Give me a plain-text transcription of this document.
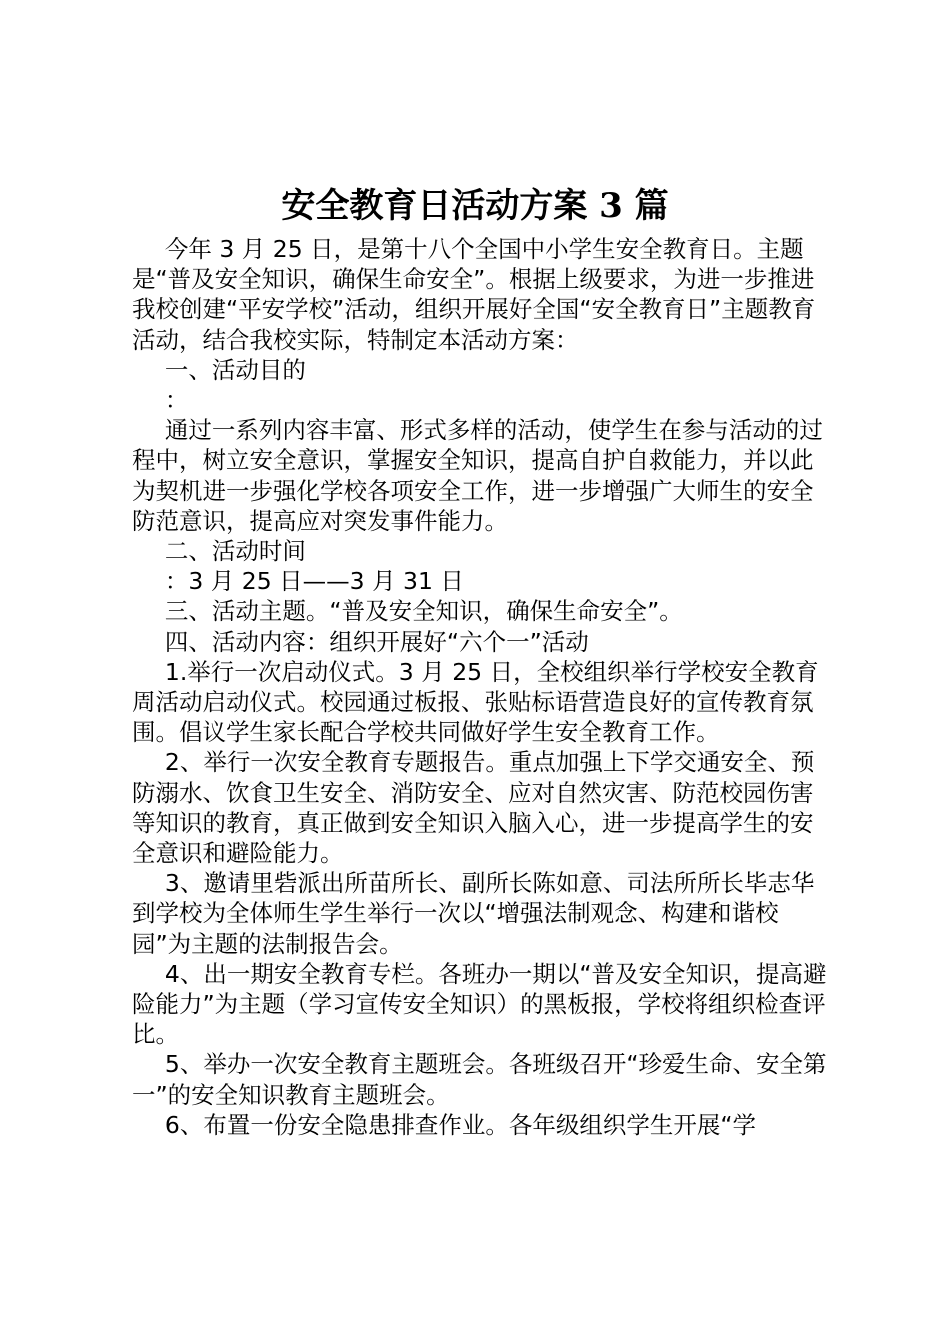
安全教育日活动方案 3 篇

今年 3 月 25 日，是第十八个全国中小学生安全教育日。主题是“普及安全知识，确保生命安全”。根据上级要求，为进一步推进我校创建“平安学校”活动，组织开展好全国“安全教育日”主题教育活动，结合我校实际，特制定本活动方案：

一、活动目的

：

通过一系列内容丰富、形式多样的活动，使学生在参与活动的过程中，树立安全意识，掌握安全知识，提高自护自救能力，并以此为契机进一步强化学校各项安全工作，进一步增强广大师生的安全防范意识，提高应对突发事件能力。

二、活动时间

：3 月 25 日——3 月 31 日

三、活动主题。“普及安全知识，确保生命安全”。

四、活动内容：组织开展好“六个一”活动

1.举行一次启动仪式。3 月 25 日，全校组织举行学校安全教育周活动启动仪式。校园通过板报、张贴标语营造良好的宣传教育氛围。倡议学生家长配合学校共同做好学生安全教育工作。

2、举行一次安全教育专题报告。重点加强上下学交通安全、预防溺水、饮食卫生安全、消防安全、应对自然灾害、防范校园伤害等知识的教育，真正做到安全知识入脑入心，进一步提高学生的安全意识和避险能力。

3、邀请里砦派出所苗所长、副所长陈如意、司法所所长毕志华到学校为全体师生学生举行一次以“增强法制观念、构建和谐校园”为主题的法制报告会。

4、出一期安全教育专栏。各班办一期以“普及安全知识，提高避险能力”为主题（学习宣传安全知识）的黑板报，学校将组织检查评比。

5、举办一次安全教育主题班会。各班级召开“珍爱生命、安全第一”的安全知识教育主题班会。

6、布置一份安全隐患排查作业。各年级组织学生开展“学
